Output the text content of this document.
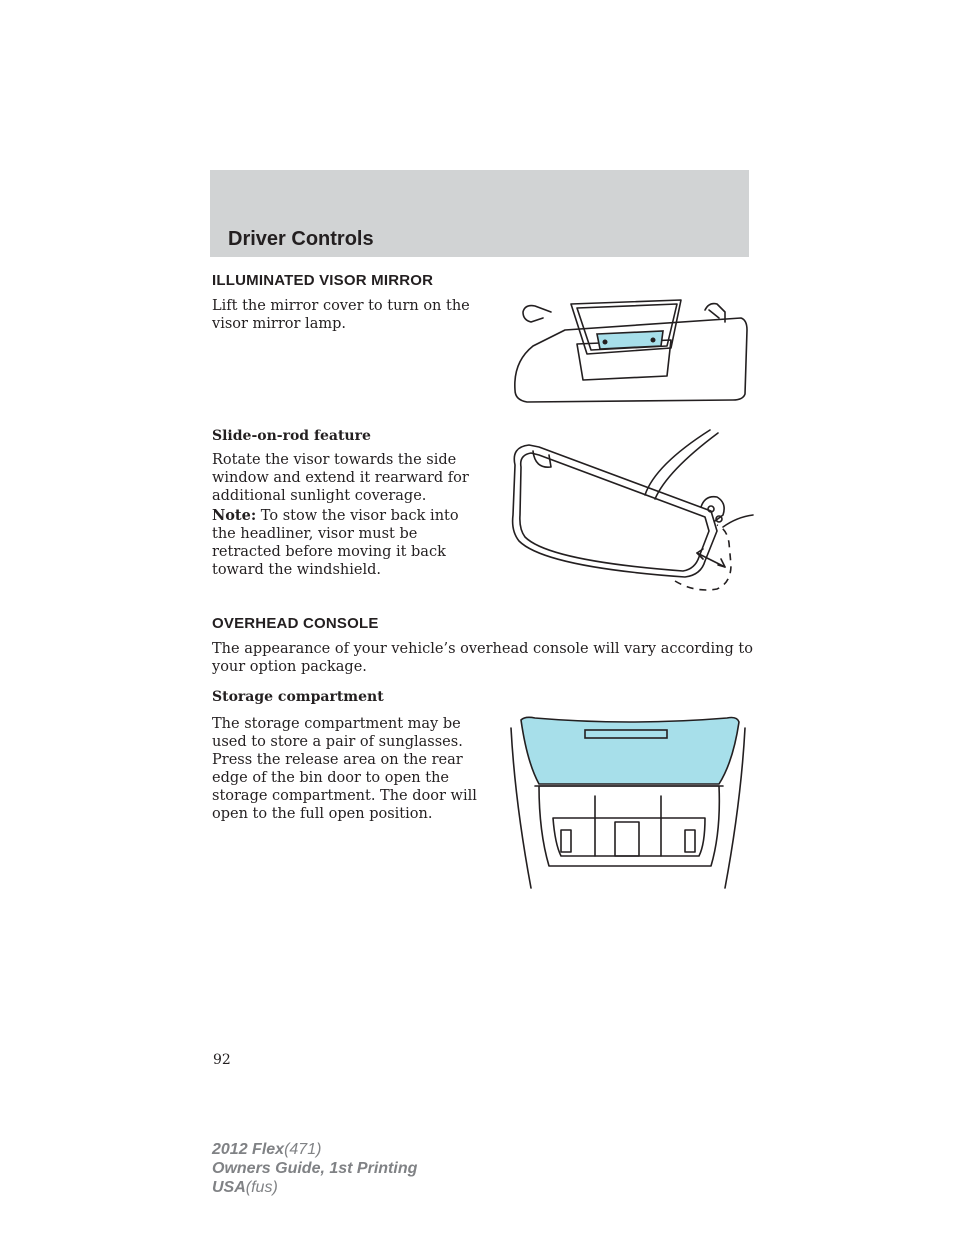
Driver Controls
ILLUMINATED VISOR MIRROR

Lift the mirror cover to turn on the
visor mirror lamp.

Slide-on-rod feature

Rotate the visor towards the side
window and extend it rearward for
additional sunlight coverage.

Note: To stow the visor back into
the headliner, visor must be
retracted before moving it back
toward the windshield.

OVERHEAD CONSOLE

The appearance of your vehicle’s overhead console will vary according to
your option package.

Storage compartment

The storage compartment may be
used to store a pair of sunglasses.
Press the release area on the rear
edge of the bin door to open the
storage compartment. The door will
open to the full open position.

92

2012 Flex(471)
Owners Guide, 1st Printing
USA(fus)
